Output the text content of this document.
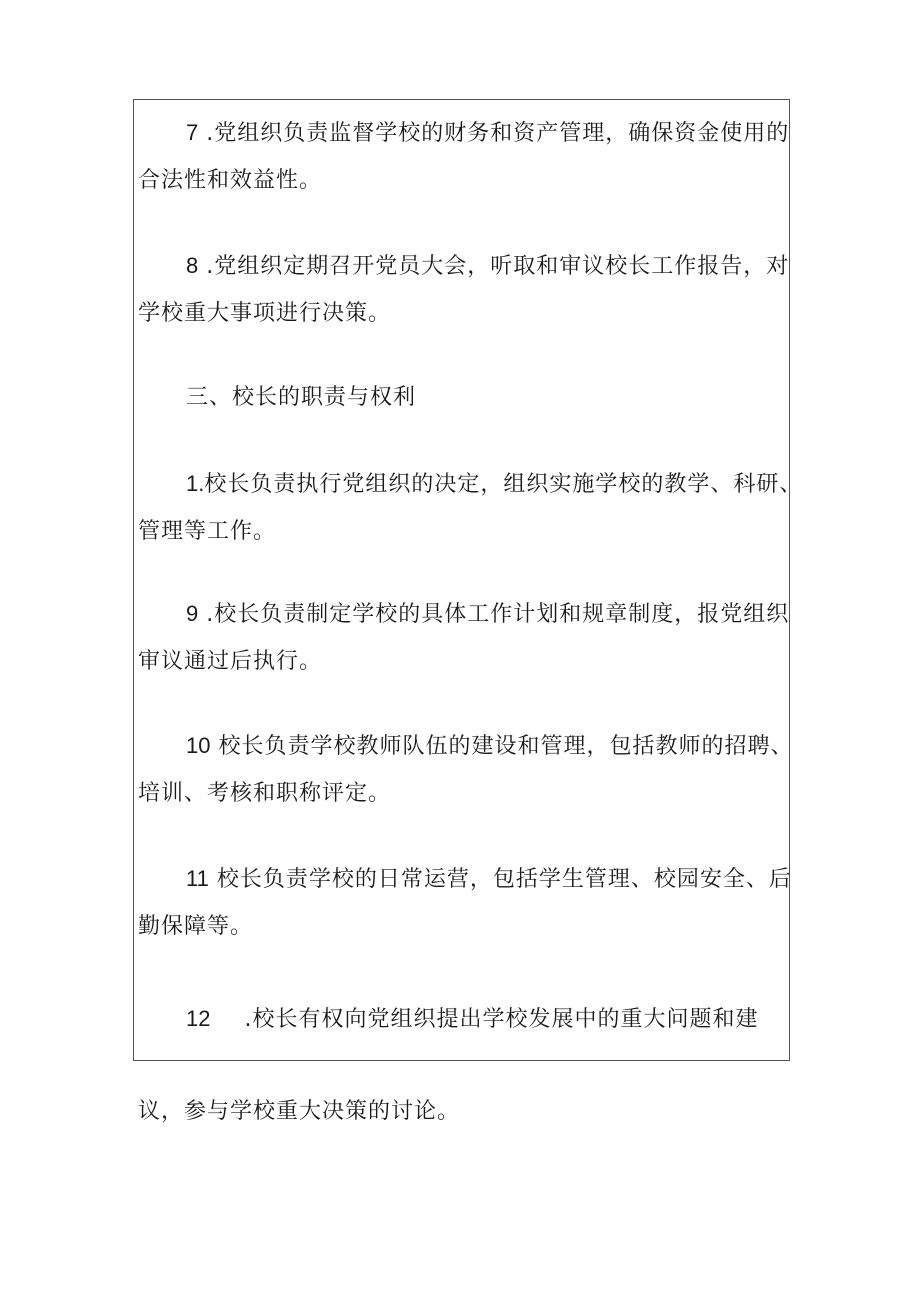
7 .党组织负责监督学校的财务和资产管理，确保资金使用的
合法性和效益性。
8 .党组织定期召开党员大会，听取和审议校长工作报告，对
学校重大事项进行决策。
三、校长的职责与权利
1.校长负责执行党组织的决定，组织实施学校的教学、科研、
管理等工作。
9 .校长负责制定学校的具体工作计划和规章制度，报党组织
审议通过后执行。
10 校长负责学校教师队伍的建设和管理，包括教师的招聘、
培训、考核和职称评定。
11 校长负责学校的日常运营，包括学生管理、校园安全、后
勤保障等。
12 .校长有权向党组织提出学校发展中的重大问题和建

议，参与学校重大决策的讨论。
